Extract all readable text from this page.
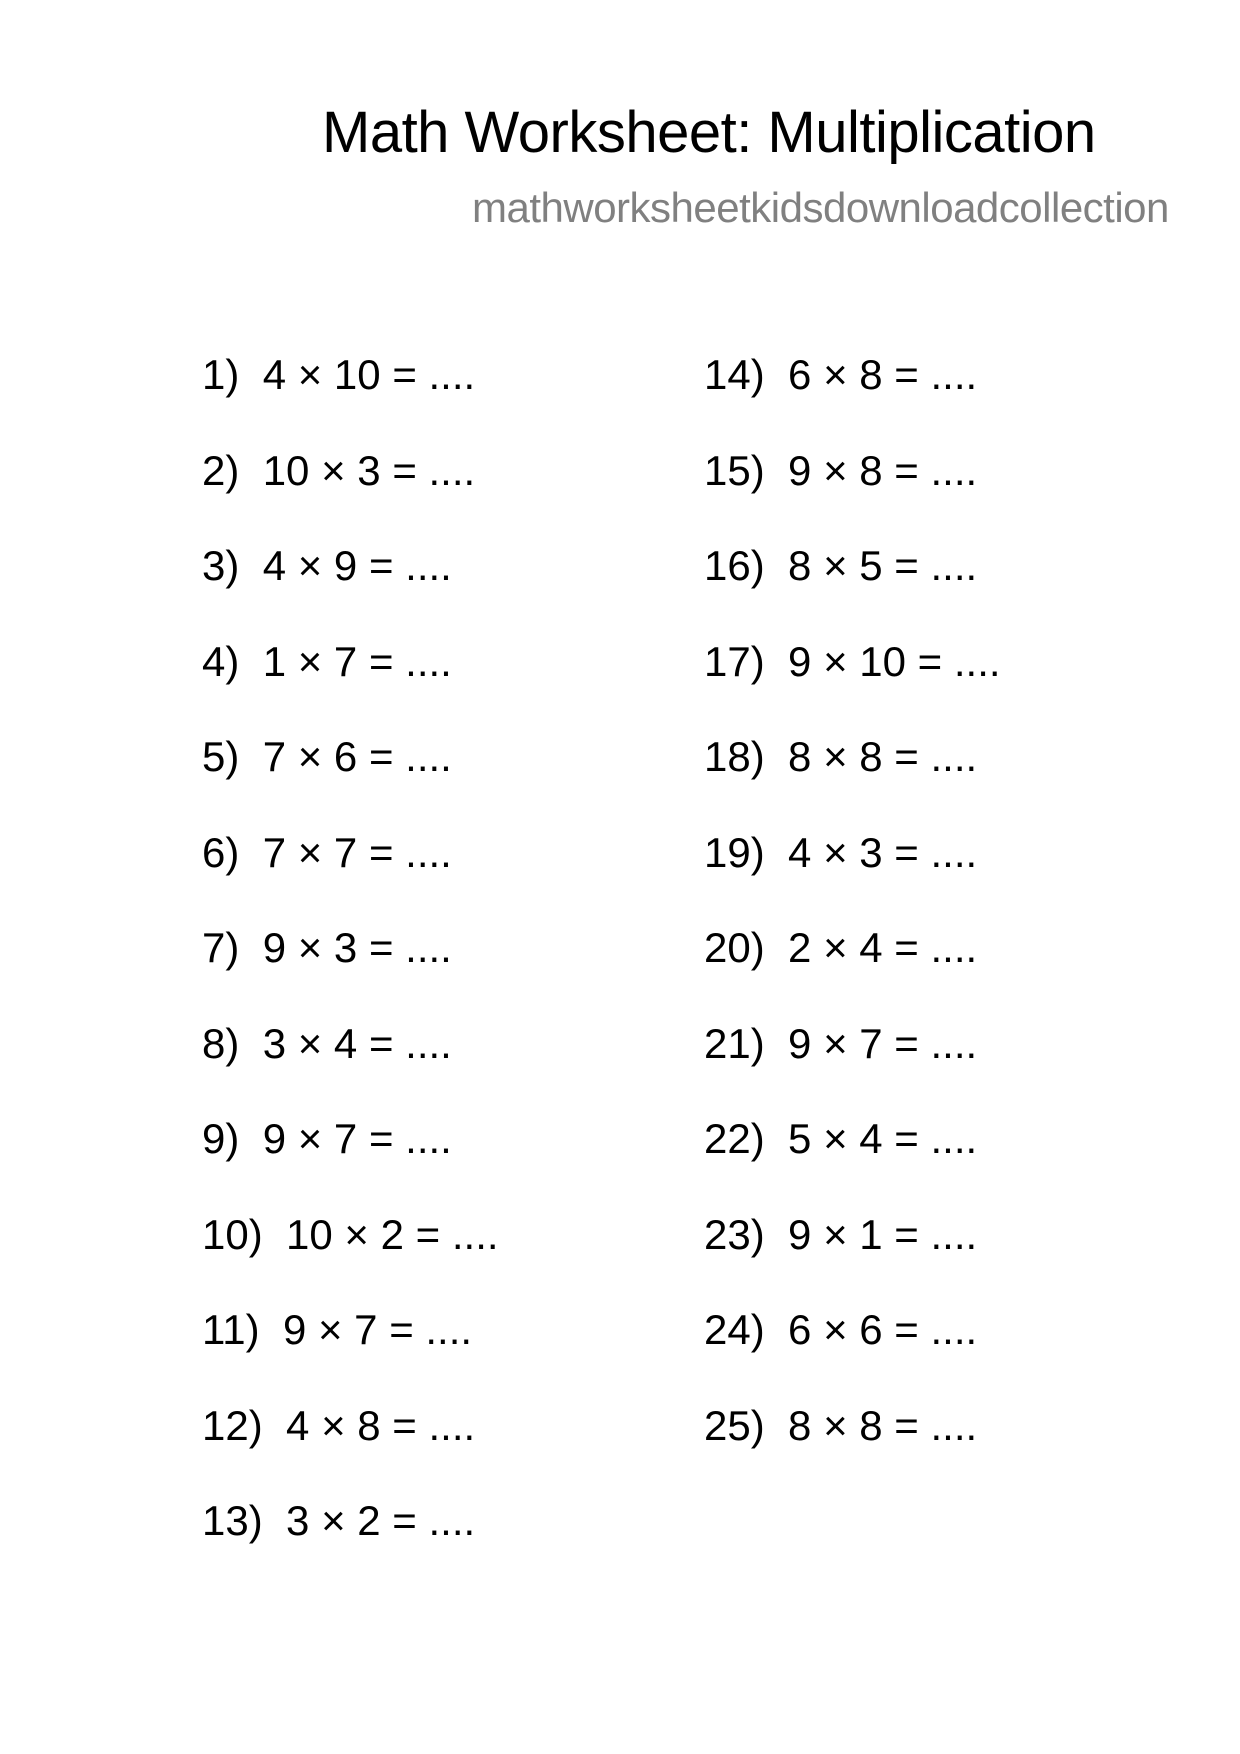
Math Worksheet: Multiplication
mathworksheetkidsdownloadcollection
1) 4 × 10 = ....
2) 10 × 3 = ....
3) 4 × 9 = ....
4) 1 × 7 = ....
5) 7 × 6 = ....
6) 7 × 7 = ....
7) 9 × 3 = ....
8) 3 × 4 = ....
9) 9 × 7 = ....
10) 10 × 2 = ....
11) 9 × 7 = ....
12) 4 × 8 = ....
13) 3 × 2 = ....
14) 6 × 8 = ....
15) 9 × 8 = ....
16) 8 × 5 = ....
17) 9 × 10 = ....
18) 8 × 8 = ....
19) 4 × 3 = ....
20) 2 × 4 = ....
21) 9 × 7 = ....
22) 5 × 4 = ....
23) 9 × 1 = ....
24) 6 × 6 = ....
25) 8 × 8 = ....
